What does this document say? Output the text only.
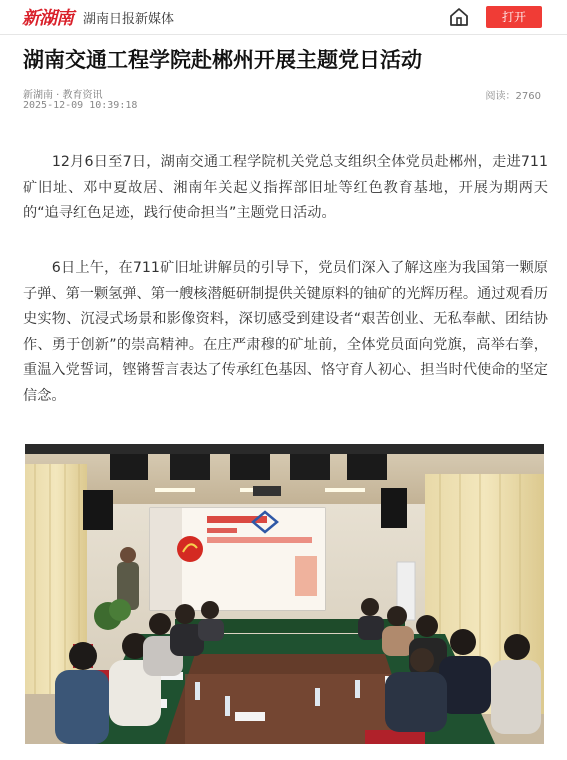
新湖南 湖南日报新媒体	打开
湖南交通工程学院赴郴州开展主题党日活动
新湖南 · 教育资讯
2025-12-09 10:39:18
阅读：2760
　　12月6日至7日，湖南交通工程学院机关党总支组织全体党员赴郴州，走进711矿旧址、邓中夏故居、湘南年关起义指挥部旧址等红色教育基地，开展为期两天的“追寻红色足迹，践行使命担当”主题党日活动。
　　6日上午，在711矿旧址讲解员的引导下，党员们深入了解这座为我国第一颗原子弹、第一颗氢弹、第一艘核潜艇研制提供关键原料的铀矿的光辉历程。通过观看历史实物、沉浸式场景和影像资料，深切感受到建设者“艰苦创业、无私奉献、团结协作、勇于创新”的崇高精神。在庄严肃穆的矿址前，全体党员面向党旗，高举右拳，重温入党誓词，铿锵誓言表达了传承红色基因、恪守育人初心、担当时代使命的坚定信念。
